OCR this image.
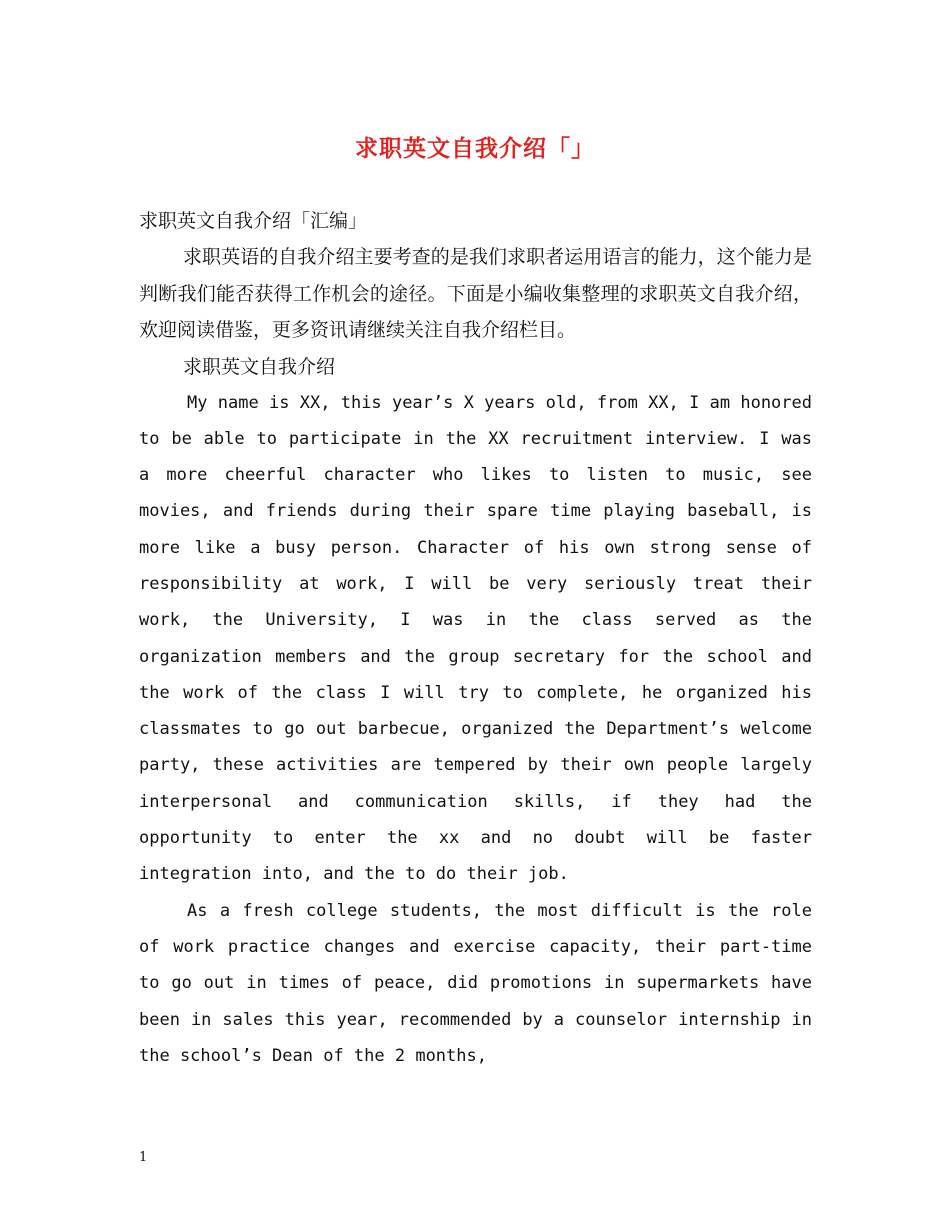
求职英文自我介绍「」
求职英文自我介绍「汇编」

求职英语的自我介绍主要考查的是我们求职者运用语言的能力，这个能力是判断我们能否获得工作机会的途径。下面是小编收集整理的求职英文自我介绍，欢迎阅读借鉴，更多资讯请继续关注自我介绍栏目。

求职英文自我介绍

My name is XX, this year’s X years old, from XX, I am honored to be able to participate in the XX recruitment interview. I was a more cheerful character who likes to listen to music, see movies, and friends during their spare time playing baseball, is more like a busy person. Character of his own strong sense of responsibility at work, I will be very seriously treat their work, the University, I was in the class served as the organization members and the group secretary for the school and the work of the class I will try to complete, he organized his classmates to go out barbecue, organized the Department’s welcome party, these activities are tempered by their own people largely interpersonal and communication skills, if they had the opportunity to enter the xx and no doubt will be faster integration into, and the to do their job.

As a fresh college students, the most difficult is the role of work practice changes and exercise capacity, their part-time to go out in times of peace, did promotions in supermarkets have been in sales this year, recommended by a counselor internship in the school’s Dean of the 2 months,

1
